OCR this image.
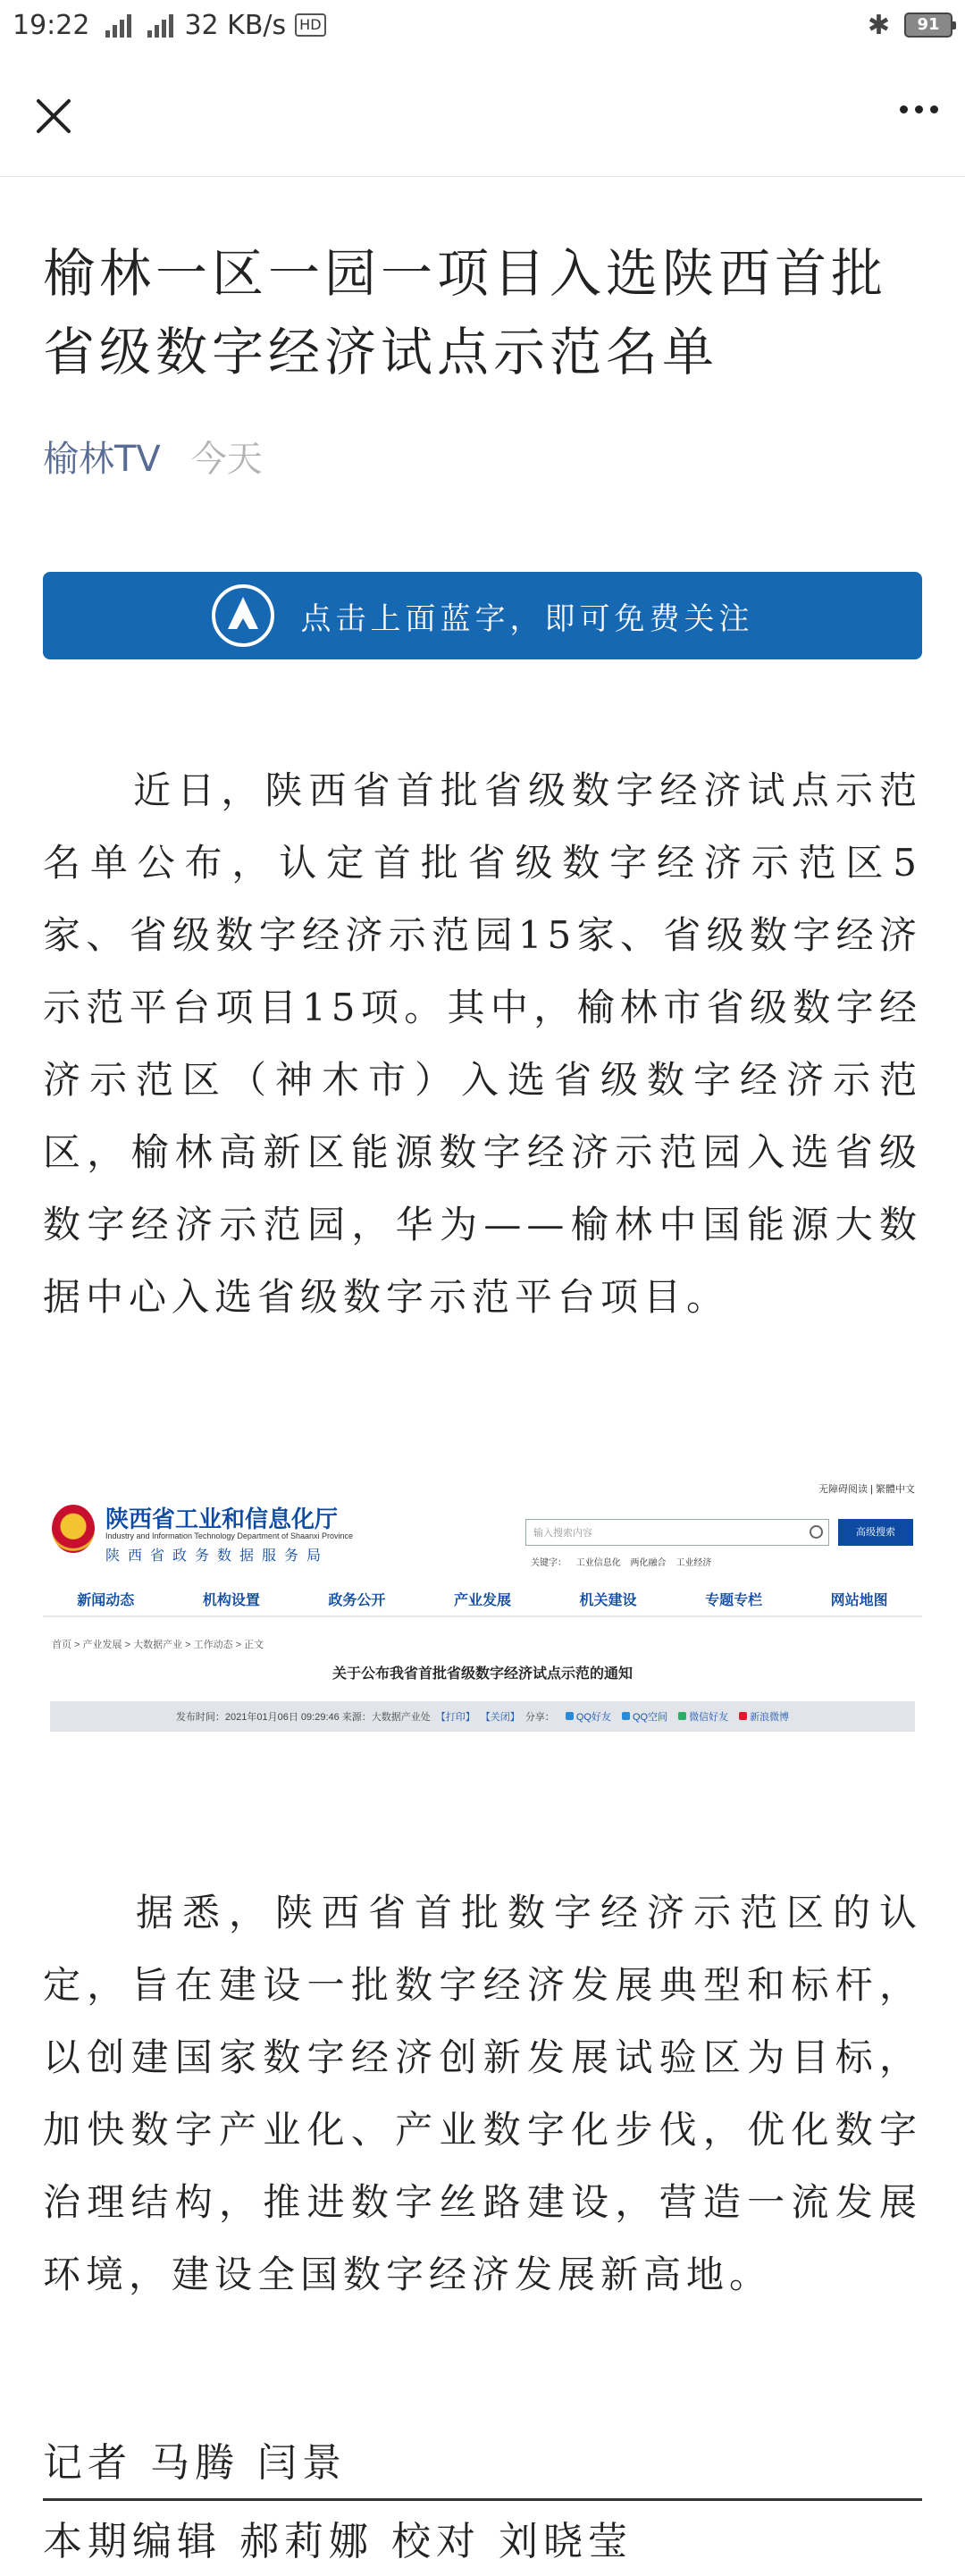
19:22	32 KB/s HD	✱	91
榆林一区一园一项目入选陕西首批省级数字经济试点示范名单
榆林TV 今天
点击上面蓝字，即可免费关注

近日，陕西省首批省级数字经济试点示范名单公布，认定首批省级数字经济示范区5家、省级数字经济示范园15家、省级数字经济示范平台项目15项。其中，榆林市省级数字经济示范区（神木市）入选省级数字经济示范区，榆林高新区能源数字经济示范园入选省级数字经济示范园，华为——榆林中国能源大数据中心入选省级数字示范平台项目。

无障碍阅读 | 繁體中文
陕西省工业和信息化厅
Industry and Information Technology Department of Shaanxi Province
陕西省政务数据服务局
输入搜索内容	高级搜索
关键字： 工业信息化 两化融合 工业经济
新闻动态	机构设置	政务公开	产业发展	机关建设	专题专栏	网站地图
首页 > 产业发展 > 大数据产业 > 工作动态 > 正文
关于公布我省首批省级数字经济试点示范的通知
发布时间：2021年01月06日 09:29:46 来源：大数据产业处 【打印】 【关闭】 分享：	QQ好友	QQ空间	微信好友	新浪微博

据悉，陕西省首批数字经济示范区的认定，旨在建设一批数字经济发展典型和标杆，以创建国家数字经济创新发展试验区为目标，加快数字产业化、产业数字化步伐，优化数字治理结构，推进数字丝路建设，营造一流发展环境，建设全国数字经济发展新高地。

记者 马腾 闫景
本期编辑 郝莉娜 校对 刘晓莹
